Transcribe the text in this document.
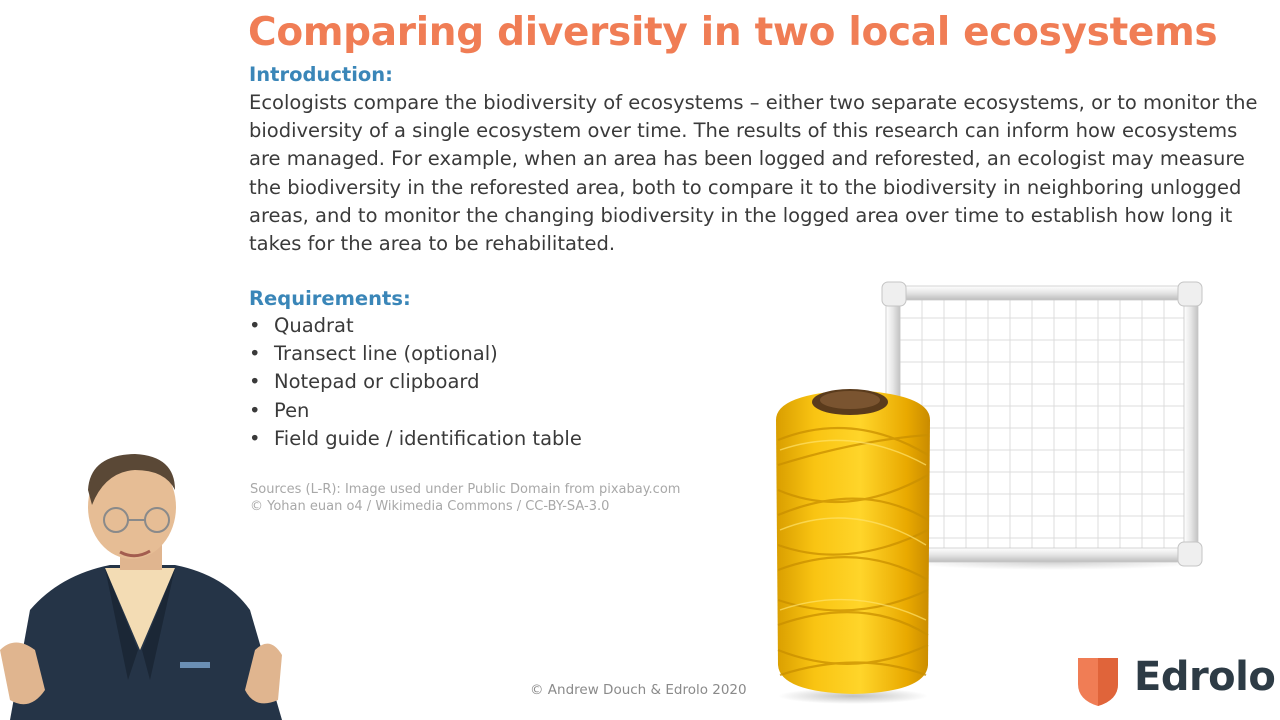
Comparing diversity in two local ecosystems
Introduction:
Ecologists compare the biodiversity of ecosystems – either two separate ecosystems, or to monitor the biodiversity of a single ecosystem over time. The results of this research can inform how ecosystems are managed. For example, when an area has been logged and reforested, an ecologist may measure the biodiversity in the reforested area, both to compare it to the biodiversity in neighboring unlogged areas, and to monitor the changing biodiversity in the logged area over time to establish how long it takes for the area to be rehabilitated.
Requirements:
• Quadrat
• Transect line (optional)
• Notepad or clipboard
• Pen
• Field guide / identification table
Sources (L-R): Image used under Public Domain from pixabay.com
© Yohan euan o4 / Wikimedia Commons / CC-BY-SA-3.0
© Andrew Douch & Edrolo 2020	Edrolo
